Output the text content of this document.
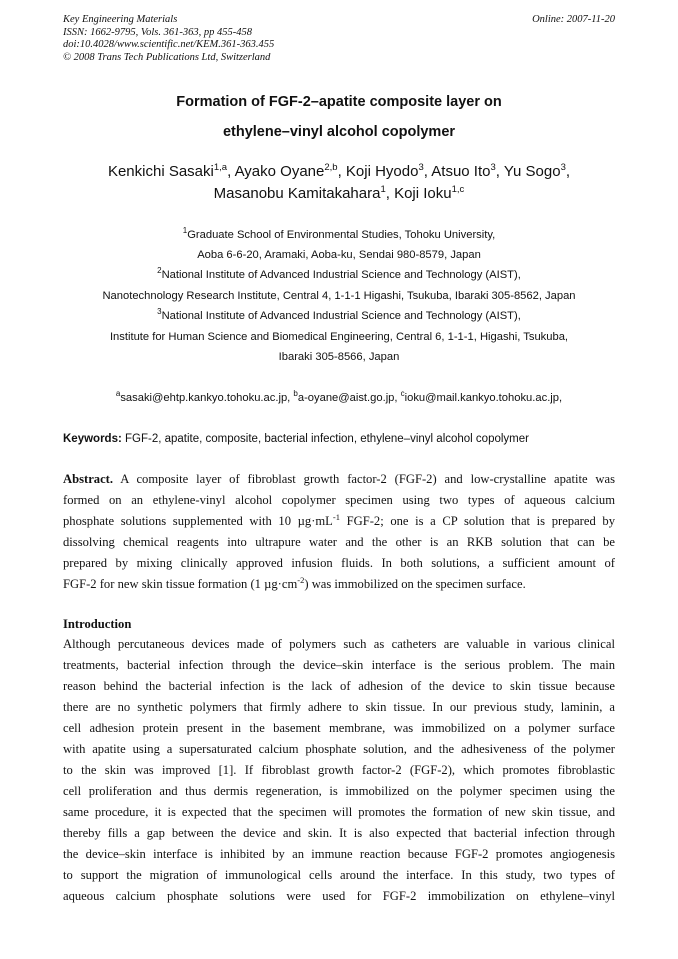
Key Engineering Materials
ISSN: 1662-9795, Vols. 361-363, pp 455-458
doi:10.4028/www.scientific.net/KEM.361-363.455
© 2008 Trans Tech Publications Ltd, Switzerland
Online: 2007-11-20
Formation of FGF-2–apatite composite layer on
ethylene–vinyl alcohol copolymer
Kenkichi Sasaki$^{1,a}$, Ayako Oyane$^{2,b}$, Koji Hyodo$^3$, Atsuo Ito$^3$, Yu Sogo$^3$,
Masanobu Kamitakahara$^1$, Koji Ioku$^{1,c}$
$^1$Graduate School of Environmental Studies, Tohoku University,
Aoba 6-6-20, Aramaki, Aoba-ku, Sendai 980-8579, Japan
$^2$National Institute of Advanced Industrial Science and Technology (AIST),
Nanotechnology Research Institute, Central 4, 1-1-1 Higashi, Tsukuba, Ibaraki 305-8562, Japan
$^3$National Institute of Advanced Industrial Science and Technology (AIST),
Institute for Human Science and Biomedical Engineering, Central 6, 1-1-1, Higashi, Tsukuba,
Ibaraki 305-8566, Japan
$^a$sasaki@ehtp.kankyo.tohoku.ac.jp, $^b$a-oyane@aist.go.jp, $^c$ioku@mail.kankyo.tohoku.ac.jp,
Keywords: FGF-2, apatite, composite, bacterial infection, ethylene–vinyl alcohol copolymer
Abstract. A composite layer of fibroblast growth factor-2 (FGF-2) and low-crystalline apatite was
formed on an ethylene-vinyl alcohol copolymer specimen using two types of aqueous calcium
phosphate solutions supplemented with 10 $\mu g\cdot mL^{-1}$ FGF-2; one is a CP solution that is prepared by
dissolving chemical reagents into ultrapure water and the other is an RKB solution that can be
prepared by mixing clinically approved infusion fluids. In both solutions, a sufficient amount of
FGF-2 for new skin tissue formation (1 $\mu g\cdot cm^{-2}$) was immobilized on the specimen surface.
Introduction
Although percutaneous devices made of polymers such as catheters are valuable in various clinical
treatments, bacterial infection through the device–skin interface is the serious problem. The main
reason behind the bacterial infection is the lack of adhesion of the device to skin tissue because
there are no synthetic polymers that firmly adhere to skin tissue. In our previous study, laminin, a
cell adhesion protein present in the basement membrane, was immobilized on a polymer surface
with apatite using a supersaturated calcium phosphate solution, and the adhesiveness of the polymer
to the skin was improved [1]. If fibroblast growth factor-2 (FGF-2), which promotes fibroblastic
cell proliferation and thus dermis regeneration, is immobilized on the polymer specimen using the
same procedure, it is expected that the specimen will promotes the formation of new skin tissue, and
thereby fills a gap between the device and skin. It is also expected that bacterial infection through
the device–skin interface is inhibited by an immune reaction because FGF-2 promotes angiogenesis
to support the migration of immunological cells around the interface. In this study, two types of
aqueous calcium phosphate solutions were used for FGF-2 immobilization on ethylene–vinyl
